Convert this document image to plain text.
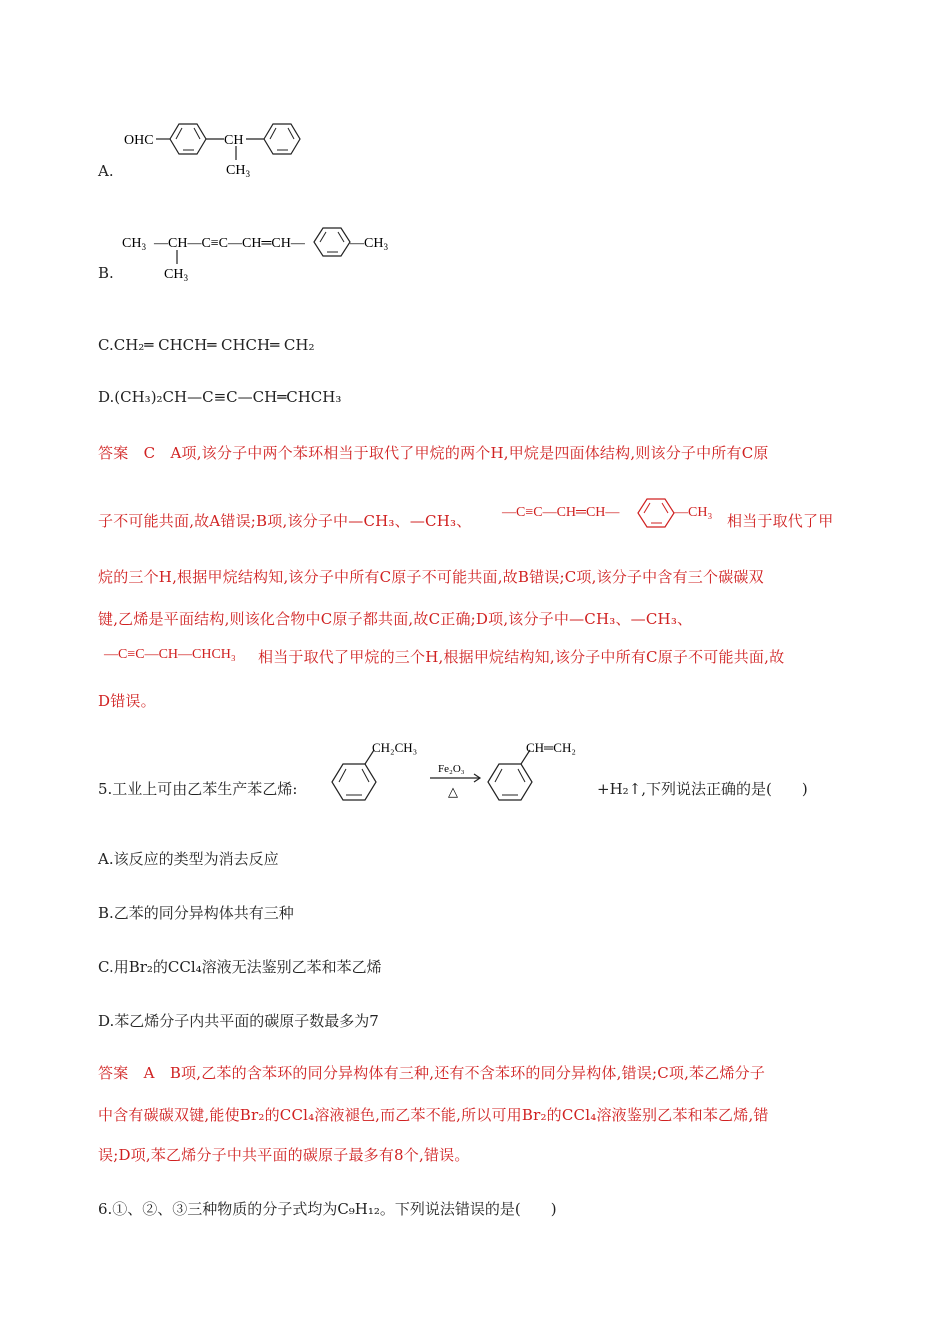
A.
OHC	CH
$CH_3$
B.
$CH_3$ —CH—C≡C—CH═CH—
$CH_3$
$—CH_3$
C.CH₂═ CHCH═ CHCH═ CH₂
D.(CH₃)₂CH—C≡C—CH═CHCH₃
答案　C　A项,该分子中两个苯环相当于取代了甲烷的两个H,甲烷是四面体结构,则该分子中所有C原
子不可能共面,故A错误;B项,该分子中—CH₃、—CH₃、 —C≡C—CH═CH—	—CH₃ 相当于取代了甲
烷的三个H,根据甲烷结构知,该分子中所有C原子不可能共面,故B错误;C项,该分子中含有三个碳碳双
键,乙烯是平面结构,则该化合物中C原子都共面,故C正确;D项,该分子中—CH₃、—CH₃、
—C≡C—CH—CHCH₃ 相当于取代了甲烷的三个H,根据甲烷结构知,该分子中所有C原子不可能共面,故
D错误。
5.工业上可由乙苯生产苯乙烯:
CH₂CH₃
Fe₂O₃
△
CH═CH₂
+H₂↑,下列说法正确的是(　　)
A.该反应的类型为消去反应
B.乙苯的同分异构体共有三种
C.用Br₂的CCl₄溶液无法鉴别乙苯和苯乙烯
D.苯乙烯分子内共平面的碳原子数最多为7
答案　A　B项,乙苯的含苯环的同分异构体有三种,还有不含苯环的同分异构体,错误;C项,苯乙烯分子
中含有碳碳双键,能使Br₂的CCl₄溶液褪色,而乙苯不能,所以可用Br₂的CCl₄溶液鉴别乙苯和苯乙烯,错
误;D项,苯乙烯分子中共平面的碳原子最多有8个,错误。
6.①、②、③三种物质的分子式均为C₉H₁₂。下列说法错误的是(　　)
